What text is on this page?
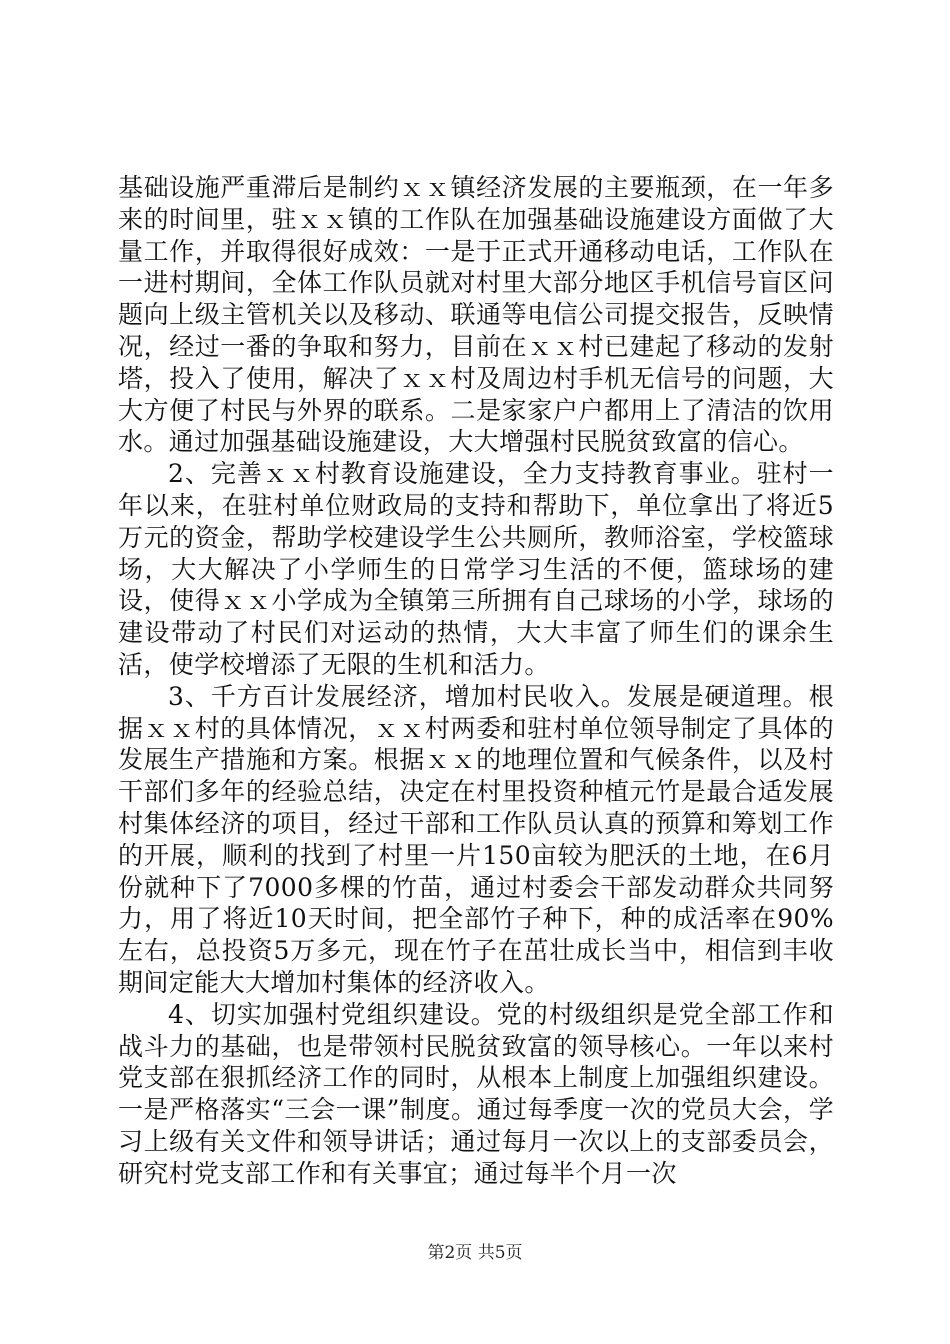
基础设施严重滞后是制约ｘｘ镇经济发展的主要瓶颈，在一年多来的时间里，驻ｘｘ镇的工作队在加强基础设施建设方面做了大量工作，并取得很好成效：一是于正式开通移动电话，工作队在一进村期间，全体工作队员就对村里大部分地区手机信号盲区问题向上级主管机关以及移动、联通等电信公司提交报告，反映情况，经过一番的争取和努力，目前在ｘｘ村已建起了移动的发射塔，投入了使用，解决了ｘｘ村及周边村手机无信号的问题，大大方便了村民与外界的联系。二是家家户户都用上了清洁的饮用水。通过加强基础设施建设，大大增强村民脱贫致富的信心。

2、完善ｘｘ村教育设施建设，全力支持教育事业。驻村一年以来，在驻村单位财政局的支持和帮助下，单位拿出了将近5万元的资金，帮助学校建设学生公共厕所，教师浴室，学校篮球场，大大解决了小学师生的日常学习生活的不便，篮球场的建设，使得ｘｘ小学成为全镇第三所拥有自己球场的小学，球场的建设带动了村民们对运动的热情，大大丰富了师生们的课余生活，使学校增添了无限的生机和活力。

3、千方百计发展经济，增加村民收入。发展是硬道理。根据ｘｘ村的具体情况，ｘｘ村两委和驻村单位领导制定了具体的发展生产措施和方案。根据ｘｘ的地理位置和气候条件，以及村干部们多年的经验总结，决定在村里投资种植元竹是最合适发展村集体经济的项目，经过干部和工作队员认真的预算和筹划工作的开展，顺利的找到了村里一片150亩较为肥沃的土地，在6月份就种下了7000多棵的竹苗，通过村委会干部发动群众共同努力，用了将近10天时间，把全部竹子种下，种的成活率在90%左右，总投资5万多元，现在竹子在茁壮成长当中，相信到丰收期间定能大大增加村集体的经济收入。

4、切实加强村党组织建设。党的村级组织是党全部工作和战斗力的基础，也是带领村民脱贫致富的领导核心。一年以来村党支部在狠抓经济工作的同时，从根本上制度上加强组织建设。一是严格落实“三会一课”制度。通过每季度一次的党员大会，学习上级有关文件和领导讲话；通过每月一次以上的支部委员会，研究村党支部工作和有关事宜；通过每半个月一次

第2页 共5页
